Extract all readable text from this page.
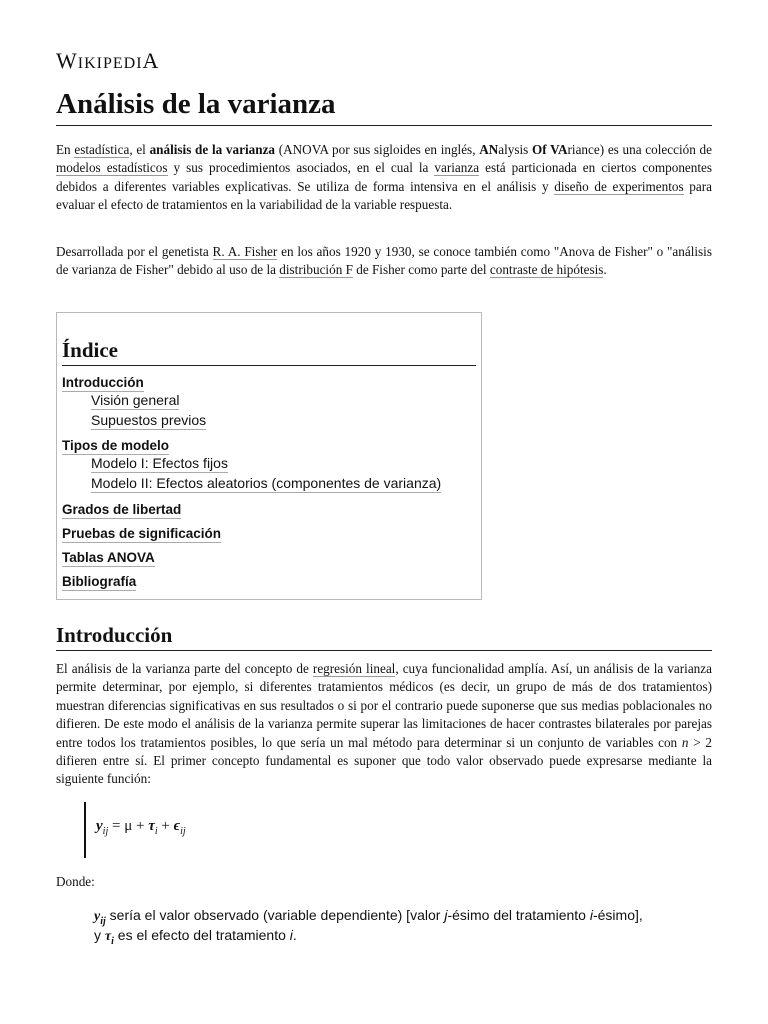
WIKIPEDIA
Análisis de la varianza

En estadística, el análisis de la varianza (ANOVA por sus sigloides en inglés, ANalysis Of VAriance) es una colección de modelos estadísticos y sus procedimientos asociados, en el cual la varianza está particionada en ciertos componentes debidos a diferentes variables explicativas. Se utiliza de forma intensiva en el análisis y diseño de experimentos para evaluar el efecto de tratamientos en la variabilidad de la variable respuesta.

Desarrollada por el genetista R. A. Fisher en los años 1920 y 1930, se conoce también como "Anova de Fisher" o "análisis de varianza de Fisher" debido al uso de la distribución F de Fisher como parte del contraste de hipótesis.

Índice
Introducción
Visión general
Supuestos previos
Tipos de modelo
Modelo I: Efectos fijos
Modelo II: Efectos aleatorios (componentes de varianza)
Grados de libertad
Pruebas de significación
Tablas ANOVA
Bibliografía
Introducción

El análisis de la varianza parte del concepto de regresión lineal, cuya funcionalidad amplía. Así, un análisis de la varianza permite determinar, por ejemplo, si diferentes tratamientos médicos (es decir, un grupo de más de dos tratamientos) muestran diferencias significativas en sus resultados o si por el contrario puede suponerse que sus medias poblacionales no difieren. De este modo el análisis de la varianza permite superar las limitaciones de hacer contrastes bilaterales por parejas entre todos los tratamientos posibles, lo que sería un mal método para determinar si un conjunto de variables con n > 2 difieren entre sí. El primer concepto fundamental es suponer que todo valor observado puede expresarse mediante la siguiente función:

$y_{ij} = \mu + \tau_i + \epsilon_{ij}$
Donde:
$y_{ij}$ sería el valor observado (variable dependiente) [valor j-ésimo del tratamiento i-ésimo],
y $\tau_i$ es el efecto del tratamiento i.
